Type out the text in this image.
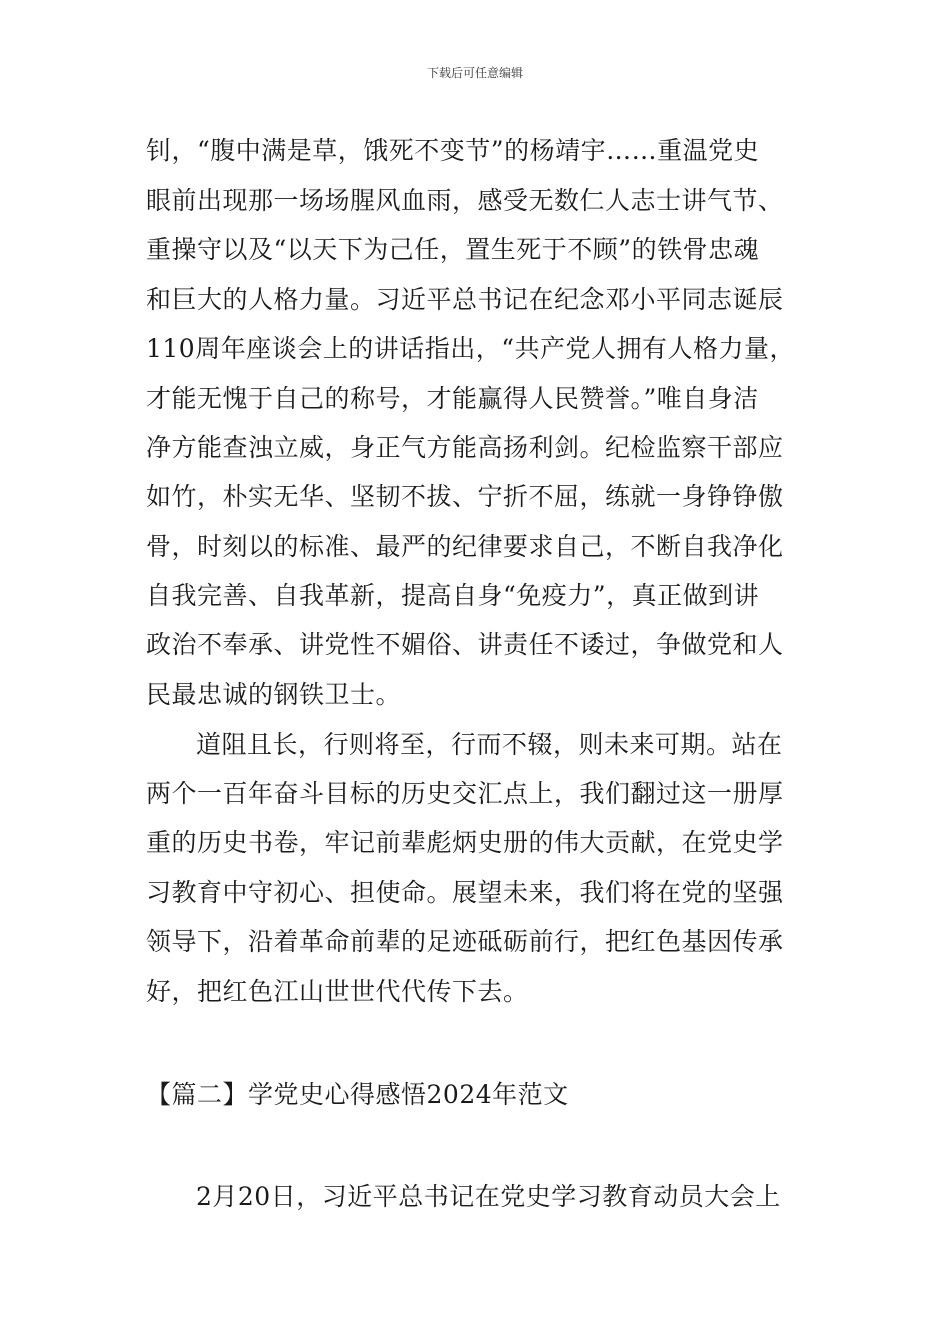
下载后可任意编辑
钊，“腹中满是草，饿死不变节”的杨靖宇……重温党史
眼前出现那一场场腥风血雨，感受无数仁人志士讲气节、
重操守以及“以天下为己任，置生死于不顾”的铁骨忠魂
和巨大的人格力量。习近平总书记在纪念邓小平同志诞辰
110周年座谈会上的讲话指出，“共产党人拥有人格力量，
才能无愧于自己的称号，才能赢得人民赞誉。”唯自身洁
净方能查浊立威，身正气方能高扬利剑。纪检监察干部应
如竹，朴实无华、坚韧不拔、宁折不屈，练就一身铮铮傲
骨，时刻以的标准、最严的纪律要求自己，不断自我净化
自我完善、自我革新，提高自身“免疫力”，真正做到讲
政治不奉承、讲党性不媚俗、讲责任不诿过，争做党和人
民最忠诚的钢铁卫士。
道阻且长，行则将至，行而不辍，则未来可期。站在
两个一百年奋斗目标的历史交汇点上，我们翻过这一册厚
重的历史书卷，牢记前辈彪炳史册的伟大贡献，在党史学
习教育中守初心、担使命。展望未来，我们将在党的坚强
领导下，沿着革命前辈的足迹砥砺前行，把红色基因传承
好，把红色江山世世代代传下去。
【篇二】学党史心得感悟2024年范文
2月20日，习近平总书记在党史学习教育动员大会上
